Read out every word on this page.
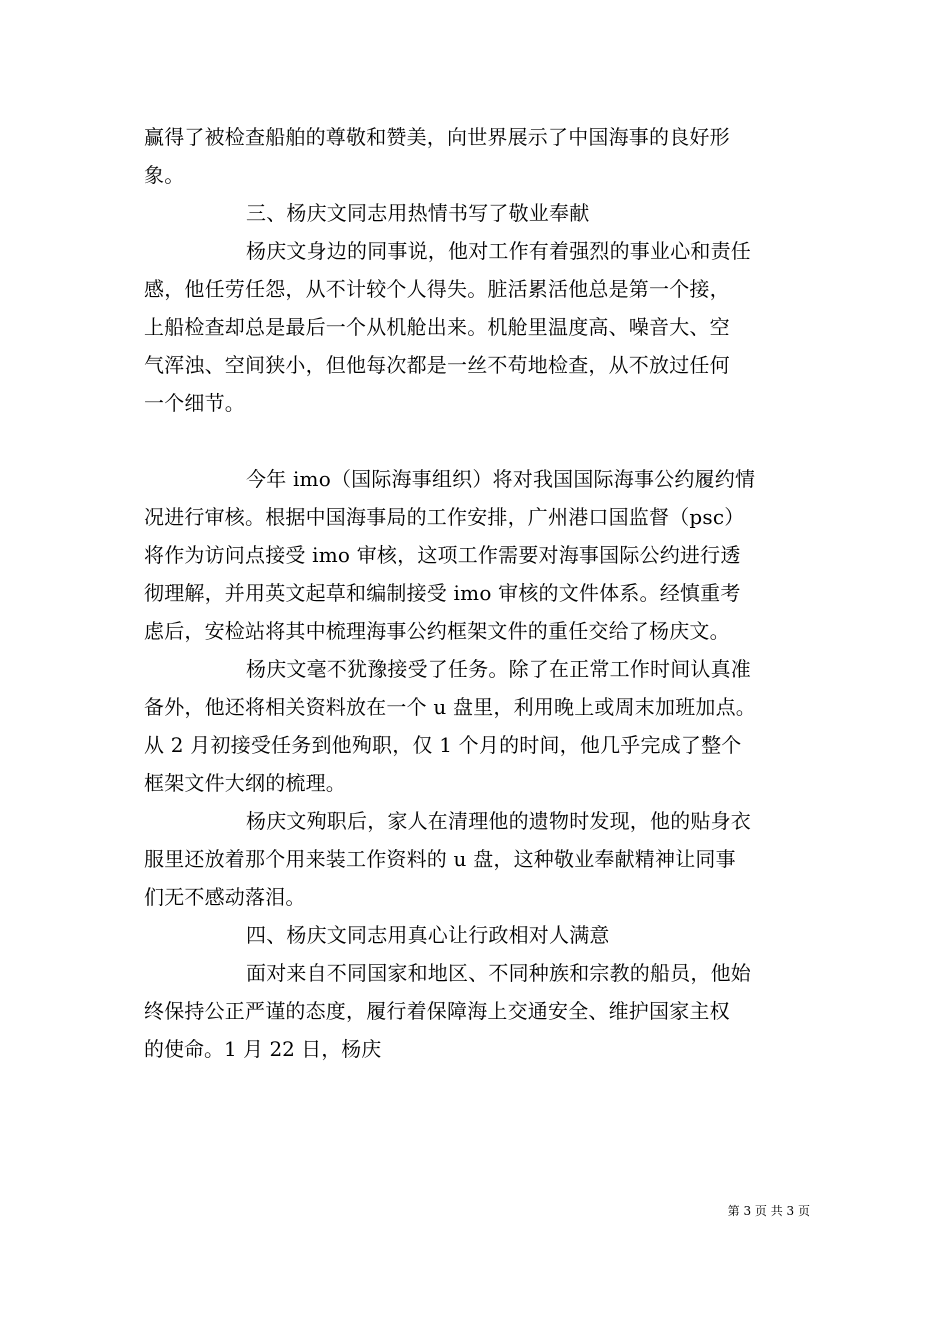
赢得了被检查船舶的尊敬和赞美，向世界展示了中国海事的良好形
象。
三、杨庆文同志用热情书写了敬业奉献
杨庆文身边的同事说，他对工作有着强烈的事业心和责任
感，他任劳任怨，从不计较个人得失。脏活累活他总是第一个接，
上船检查却总是最后一个从机舱出来。机舱里温度高、噪音大、空
气浑浊、空间狭小，但他每次都是一丝不苟地检查，从不放过任何
一个细节。
今年 imo（国际海事组织）将对我国国际海事公约履约情
况进行审核。根据中国海事局的工作安排，广州港口国监督（psc）
将作为访问点接受 imo 审核，这项工作需要对海事国际公约进行透
彻理解，并用英文起草和编制接受 imo 审核的文件体系。经慎重考
虑后，安检站将其中梳理海事公约框架文件的重任交给了杨庆文。
杨庆文毫不犹豫接受了任务。除了在正常工作时间认真准
备外，他还将相关资料放在一个 u 盘里，利用晚上或周末加班加点。
从 2 月初接受任务到他殉职，仅 1 个月的时间，他几乎完成了整个
框架文件大纲的梳理。
杨庆文殉职后，家人在清理他的遗物时发现，他的贴身衣
服里还放着那个用来装工作资料的 u 盘，这种敬业奉献精神让同事
们无不感动落泪。
四、杨庆文同志用真心让行政相对人满意
面对来自不同国家和地区、不同种族和宗教的船员，他始
终保持公正严谨的态度，履行着保障海上交通安全、维护国家主权
的使命。1 月 22 日，杨庆
第 3 页 共 3 页
